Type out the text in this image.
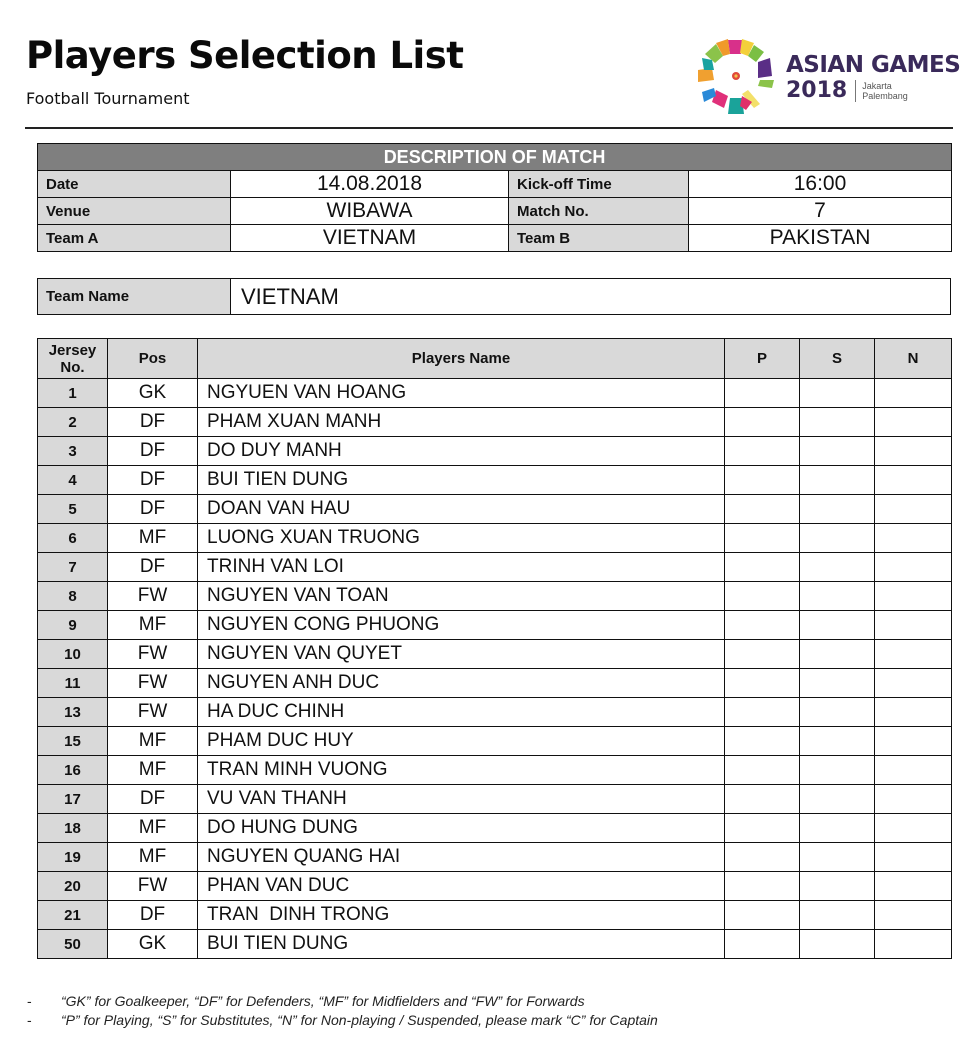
Players Selection List
Football Tournament
ASIAN GAMES
2018 Jakarta
Palembang
DESCRIPTION OF MATCH			
Date	14.08.2018	Kick-off Time	16:00
Venue	WIBAWA	Match No.	7
Team A	VIETNAM	Team B	PAKISTAN
Team Name	VIETNAM
Jersey
No.	Pos	Players Name	P	S	N
1	GK	NGYUEN VAN HOANG			
2	DF	PHAM XUAN MANH			
3	DF	DO DUY MANH			
4	DF	BUI TIEN DUNG			
5	DF	DOAN VAN HAU			
6	MF	LUONG XUAN TRUONG			
7	DF	TRINH VAN LOI			
8	FW	NGUYEN VAN TOAN			
9	MF	NGUYEN CONG PHUONG			
10	FW	NGUYEN VAN QUYET			
11	FW	NGUYEN ANH DUC			
13	FW	HA DUC CHINH			
15	MF	PHAM DUC HUY			
16	MF	TRAN MINH VUONG			
17	DF	VU VAN THANH			
18	MF	DO HUNG DUNG			
19	MF	NGUYEN QUANG HAI			
20	FW	PHAN VAN DUC			
21	DF	TRAN  DINH TRONG			
50	GK	BUI TIEN DUNG			
-	“GK” for Goalkeeper, “DF” for Defenders, “MF” for Midfielders and “FW” for Forwards
-	“P” for Playing, “S” for Substitutes, “N” for Non-playing / Suspended, please mark “C” for Captain
